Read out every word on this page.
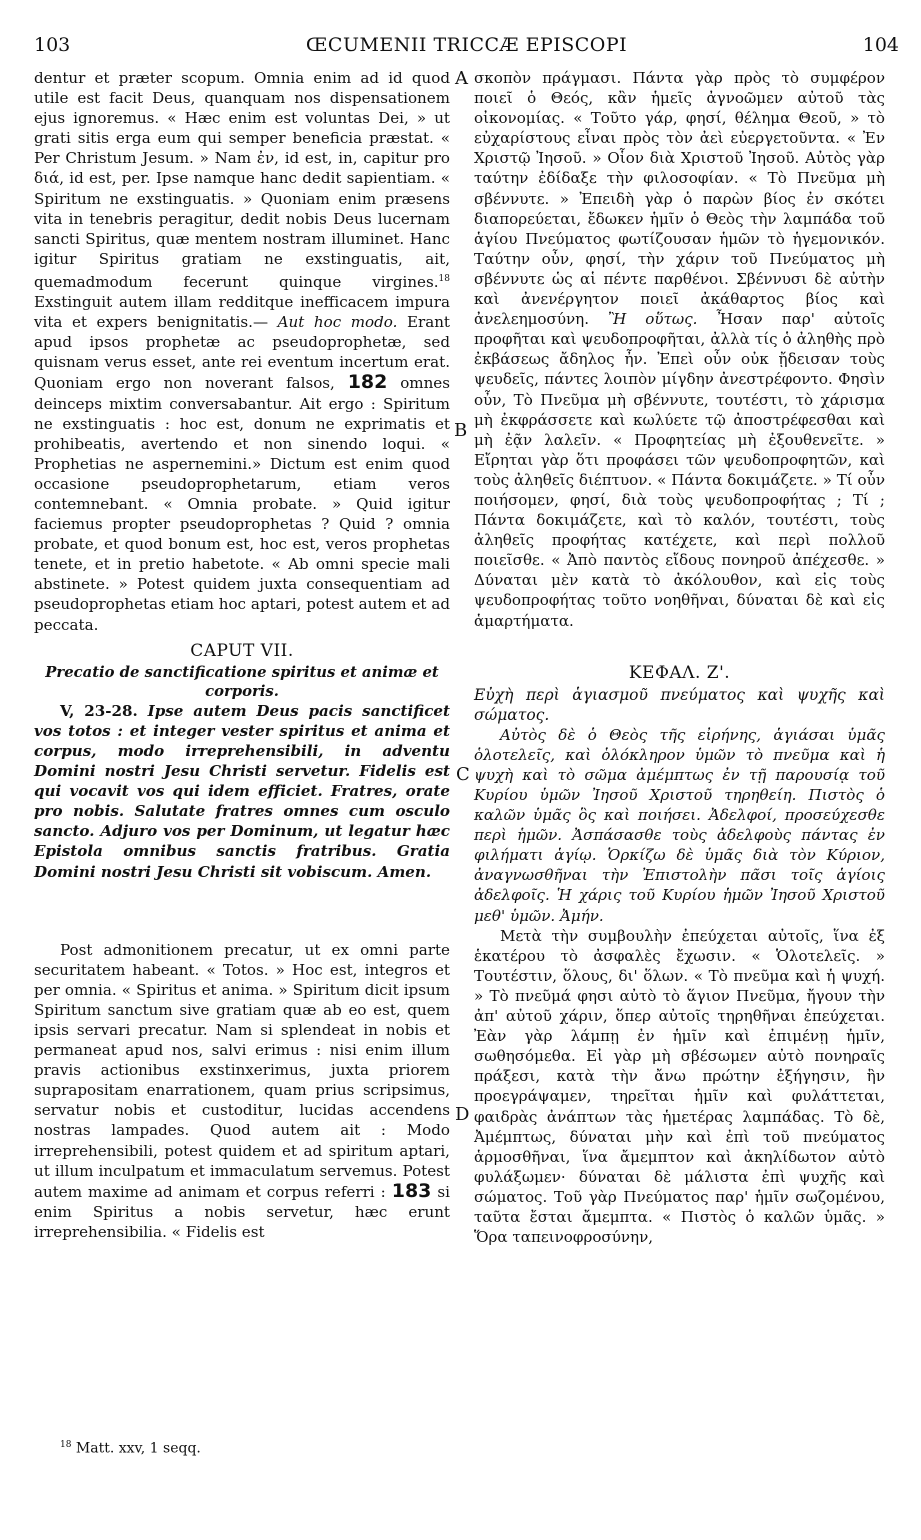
103	ŒCUMENII TRICCÆ EPISCOPI	104
A
B
C
D

dentur et præter scopum. Omnia enim ad id quod utile est facit Deus, quanquam nos dispensationem ejus ignoremus. « Hæc enim est voluntas Dei, » ut grati sitis erga eum qui semper beneficia præstat. « Per Christum Jesum. » Nam ἐν, id est, in, capitur pro διά, id est, per. Ipse namque hanc dedit sapientiam. « Spiritum ne exstinguatis. » Quoniam enim præsens vita in tenebris peragitur, dedit nobis Deus lucernam sancti Spiritus, quæ mentem nostram illuminet. Hanc igitur Spiritus gratiam ne exstinguatis, ait, quemadmodum fecerunt quinque virgines.$^{18}$ Exstinguit autem illam redditque inefficacem impura vita et expers benignitatis.— Aut hoc modo. Erant apud ipsos prophetæ ac pseudoprophetæ, sed quisnam verus esset, ante rei eventum incertum erat. Quoniam ergo non noverant falsos, 182 omnes deinceps mixtim conversabantur. Ait ergo : Spiritum ne exstinguatis : hoc est, donum ne exprimatis et prohibeatis, avertendo et non sinendo loqui. « Prophetias ne aspernemini.» Dictum est enim quod occasione pseudoprophetarum, etiam veros contemnebant. « Omnia probate. » Quid igitur faciemus propter pseudoprophetas ? Quid ? omnia probate, et quod bonum est, hoc est, veros prophetas tenete, et in pretio habetote. « Ab omni specie mali abstinete. » Potest quidem juxta consequentiam ad pseudoprophetas etiam hoc aptari, potest autem et ad peccata.

CAPUT VII.
Precatio de sanctificatione spiritus et animæ et corporis.

V, 23-28. Ipse autem Deus pacis sanctificet vos totos : et integer vester spiritus et anima et corpus, modo irreprehensibili, in adventu Domini nostri Jesu Christi servetur. Fidelis est qui vocavit vos qui idem efficiet. Fratres, orate pro nobis. Salutate fratres omnes cum osculo sancto. Adjuro vos per Dominum, ut legatur hæc Epistola omnibus sanctis fratribus. Gratia Domini nostri Jesu Christi sit vobiscum. Amen.

Post admonitionem precatur, ut ex omni parte securitatem habeant. « Totos. » Hoc est, integros et per omnia. « Spiritus et anima. » Spiritum dicit ipsum Spiritum sanctum sive gratiam quæ ab eo est, quem ipsis servari precatur. Nam si splendeat in nobis et permaneat apud nos, salvi erimus : nisi enim illum pravis actionibus exstinxerimus, juxta priorem suprapositam enarrationem, quam prius scripsimus, servatur nobis et custoditur, lucidas accendens nostras lampades. Quod autem ait : Modo irreprehensibili, potest quidem et ad spiritum aptari, ut illum inculpatum et immaculatum servemus. Potest autem maxime ad animam et corpus referri : 183 si enim Spiritus a nobis servetur, hæc erunt irreprehensibilia. « Fidelis est

σκοπὸν πράγμασι. Πάντα γὰρ πρὸς τὸ συμφέρον ποιεῖ ὁ Θεός, κἂν ἡμεῖς ἀγνοῶμεν αὐτοῦ τὰς οἰκονομίας. « Τοῦτο γάρ, φησί, θέλημα Θεοῦ, » τὸ εὐχαρίστους εἶναι πρὸς τὸν ἀεὶ εὐεργετοῦντα. « Ἐν Χριστῷ Ἰησοῦ. » Οἷον διὰ Χριστοῦ Ἰησοῦ. Αὐτὸς γὰρ ταύτην ἐδίδαξε τὴν φιλοσοφίαν. « Τὸ Πνεῦμα μὴ σβέννυτε. » Ἐπειδὴ γὰρ ὁ παρὼν βίος ἐν σκότει διαπορεύεται, ἔδωκεν ἡμῖν ὁ Θεὸς τὴν λαμπάδα τοῦ ἁγίου Πνεύματος φωτίζουσαν ἡμῶν τὸ ἡγεμονικόν. Ταύτην οὖν, φησί, τὴν χάριν τοῦ Πνεύματος μὴ σβέννυτε ὡς αἱ πέντε παρθένοι. Σβέννυσι δὲ αὐτὴν καὶ ἀνενέργητον ποιεῖ ἀκάθαρτος βίος καὶ ἀνελεημοσύνη. Ἢ οὕτως. Ἦσαν παρ' αὐτοῖς προφῆται καὶ ψευδοπροφῆται, ἀλλὰ τίς ὁ ἀληθὴς πρὸ ἐκβάσεως ἄδηλος ἦν. Ἐπεὶ οὖν οὐκ ᾔδεισαν τοὺς ψευδεῖς, πάντες λοιπὸν μίγδην ἀνεστρέφοντο. Φησὶν οὖν, Τὸ Πνεῦμα μὴ σβέννυτε, τουτέστι, τὸ χάρισμα μὴ ἐκφράσσετε καὶ κωλύετε τῷ ἀποστρέφεσθαι καὶ μὴ ἐᾷν λαλεῖν. « Προφητείας μὴ ἐξουθενεῖτε. » Εἴρηται γὰρ ὅτι προφάσει τῶν ψευδοπροφητῶν, καὶ τοὺς ἀληθεῖς διέπτυον. « Πάντα δοκιμάζετε. » Τί οὖν ποιήσομεν, φησί, διὰ τοὺς ψευδοπροφήτας ; Τί ; Πάντα δοκιμάζετε, καὶ τὸ καλόν, τουτέστι, τοὺς ἀληθεῖς προφήτας κατέχετε, καὶ περὶ πολλοῦ ποιεῖσθε. « Ἀπὸ παντὸς εἴδους πονηροῦ ἀπέχεσθε. » Δύναται μὲν κατὰ τὸ ἀκόλουθον, καὶ εἰς τοὺς ψευδοπροφήτας τοῦτο νοηθῆναι, δύναται δὲ καὶ εἰς ἁμαρτήματα.

ΚΕΦΑΛ. Ζ'.
Εὐχὴ περὶ ἁγιασμοῦ πνεύματος καὶ ψυχῆς καὶ σώματος.

Αὐτὸς δὲ ὁ Θεὸς τῆς εἰρήνης, ἁγιάσαι ὑμᾶς ὁλοτελεῖς, καὶ ὁλόκληρον ὑμῶν τὸ πνεῦμα καὶ ἡ ψυχὴ καὶ τὸ σῶμα ἀμέμπτως ἐν τῇ παρουσίᾳ τοῦ Κυρίου ὑμῶν Ἰησοῦ Χριστοῦ τηρηθείη. Πιστὸς ὁ καλῶν ὑμᾶς ὃς καὶ ποιήσει. Ἀδελφοί, προσεύχεσθε περὶ ἡμῶν. Ἀσπάσασθε τοὺς ἀδελφοὺς πάντας ἐν φιλήματι ἁγίῳ. Ὁρκίζω δὲ ὑμᾶς διὰ τὸν Κύριον, ἀναγνωσθῆναι τὴν Ἐπιστολὴν πᾶσι τοῖς ἁγίοις ἀδελφοῖς. Ἡ χάρις τοῦ Κυρίου ἡμῶν Ἰησοῦ Χριστοῦ μεθ' ὑμῶν. Ἀμήν.

Μετὰ τὴν συμβουλὴν ἐπεύχεται αὐτοῖς, ἵνα ἐξ ἑκατέρου τὸ ἀσφαλὲς ἔχωσιν. « Ὁλοτελεῖς. » Τουτέστιν, ὅλους, δι' ὅλων. « Τὸ πνεῦμα καὶ ἡ ψυχή. » Τὸ πνεῦμά φησι αὐτὸ τὸ ἅγιον Πνεῦμα, ἤγουν τὴν ἀπ' αὐτοῦ χάριν, ὅπερ αὐτοῖς τηρηθῆναι ἐπεύχεται. Ἐὰν γὰρ λάμπῃ ἐν ἡμῖν καὶ ἐπιμένῃ ἡμῖν, σωθησόμεθα. Εἰ γὰρ μὴ σβέσωμεν αὐτὸ πονηραῖς πράξεσι, κατὰ τὴν ἄνω πρώτην ἐξήγησιν, ἣν προεγράψαμεν, τηρεῖται ἡμῖν καὶ φυλάττεται, φαιδρὰς ἀνάπτων τὰς ἡμετέρας λαμπάδας. Τὸ δὲ, Ἀμέμπτως, δύναται μὴν καὶ ἐπὶ τοῦ πνεύματος ἁρμοσθῆναι, ἵνα ἄμεμπτον καὶ ἀκηλίδωτον αὐτὸ φυλάξωμεν· δύναται δὲ μάλιστα ἐπὶ ψυχῆς καὶ σώματος. Τοῦ γὰρ Πνεύματος παρ' ἡμῖν σωζομένου, ταῦτα ἔσται ἄμεμπτα. « Πιστὸς ὁ καλῶν ὑμᾶς. » Ὅρα ταπεινοφροσύνην,

$^{18}$ Matt. xxv, 1 seqq.
